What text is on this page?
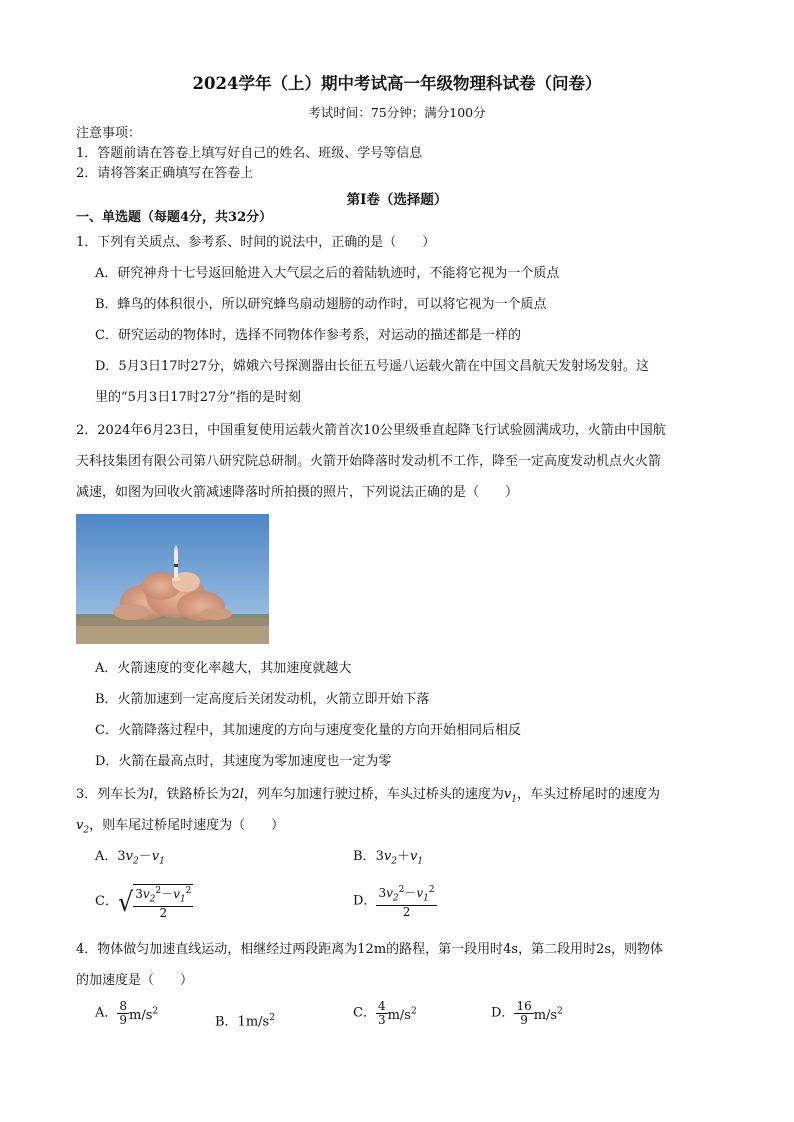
2024学年（上）期中考试高一年级物理科试卷（问卷）
考试时间：75分钟；满分100分
注意事项：
1．答题前请在答卷上填写好自己的姓名、班级、学号等信息
2．请将答案正确填写在答卷上
第I卷（选择题）
一、单选题（每题4分，共32分）
1．下列有关质点、参考系、时间的说法中，正确的是（　　）
A．研究神舟十七号返回舱进入大气层之后的着陆轨迹时，不能将它视为一个质点
B．蜂鸟的体积很小，所以研究蜂鸟扇动翅膀的动作时，可以将它视为一个质点
C．研究运动的物体时，选择不同物体作参考系，对运动的描述都是一样的
D．5月3日17时27分，嫦娥六号探测器由长征五号遥八运载火箭在中国文昌航天发射场发射。这
里的“5月3日17时27分”指的是时刻
2．2024年6月23日，中国重复使用运载火箭首次10公里级垂直起降飞行试验圆满成功，火箭由中国航
天科技集团有限公司第八研究院总研制。火箭开始降落时发动机不工作，降至一定高度发动机点火火箭
减速，如图为回收火箭减速降落时所拍摄的照片，下列说法正确的是（　　）
A．火箭速度的变化率越大，其加速度就越大
B．火箭加速到一定高度后关闭发动机，火箭立即开始下落
C．火箭降落过程中，其加速度的方向与速度变化量的方向开始相同后相反
D．火箭在最高点时，其速度为零加速度也一定为零
3．列车长为l，铁路桥长为2l，列车匀加速行驶过桥，车头过桥头的速度为$v_1$，车头过桥尾时的速度为
$v_2$，则车尾过桥尾时速度为（　　）
A．$3v_2-v_1$	B．$3v_2+v_1$
C．√ $\frac{3v_2^2-v_1^2}{2}$	D． $\frac{3v_2^2-v_1^2}{2}$
4．物体做匀加速直线运动，相继经过两段距离为12m的路程，第一段用时4s，第二段用时2s，则物体
的加速度是（　　）
A． $\frac{8}{9} m/s^2$
B．$1m/s^2$	C． $\frac{4}{3} m/s^2$	D． $\frac{16}{9} m/s^2$
